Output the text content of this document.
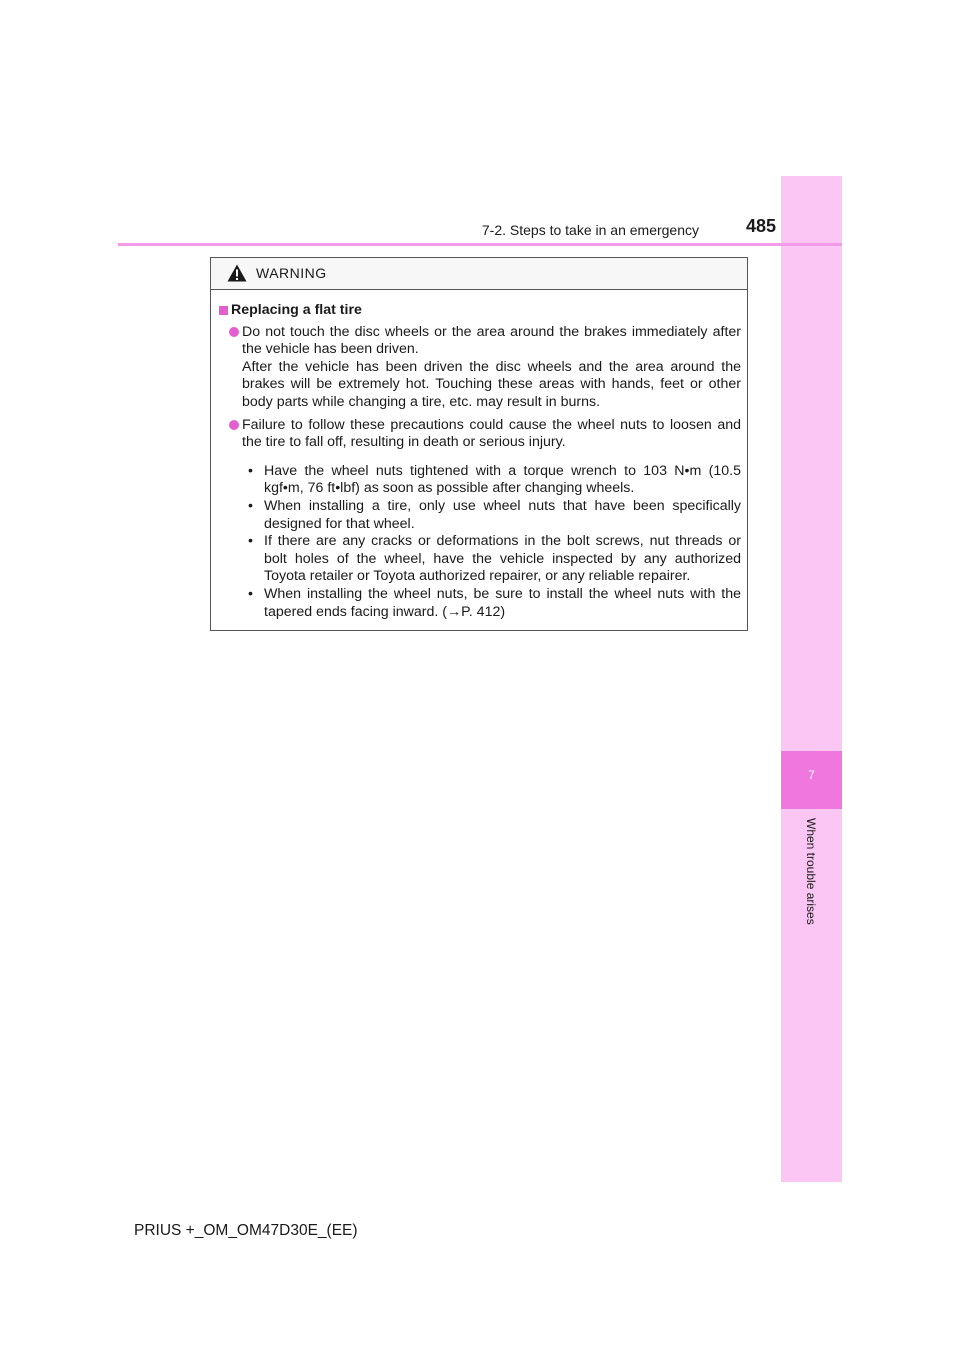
7
When trouble arises
7-2. Steps to take in an emergency	485
WARNING
Replacing a flat tire

Do not touch the disc wheels or the area around the brakes immediately after the vehicle has been driven.

After the vehicle has been driven the disc wheels and the area around the brakes will be extremely hot. Touching these areas with hands, feet or other body parts while changing a tire, etc. may result in burns.

Failure to follow these precautions could cause the wheel nuts to loosen and the tire to fall off, resulting in death or serious injury.

• Have the wheel nuts tightened with a torque wrench to 103 N•m (10.5 kgf•m, 76 ft•lbf) as soon as possible after changing wheels.

• When installing a tire, only use wheel nuts that have been specifically designed for that wheel.

• If there are any cracks or deformations in the bolt screws, nut threads or bolt holes of the wheel, have the vehicle inspected by any authorized Toyota retailer or Toyota authorized repairer, or any reliable repairer.

• When installing the wheel nuts, be sure to install the wheel nuts with the tapered ends facing inward. (→P. 412)

PRIUS +_OM_OM47D30E_(EE)
